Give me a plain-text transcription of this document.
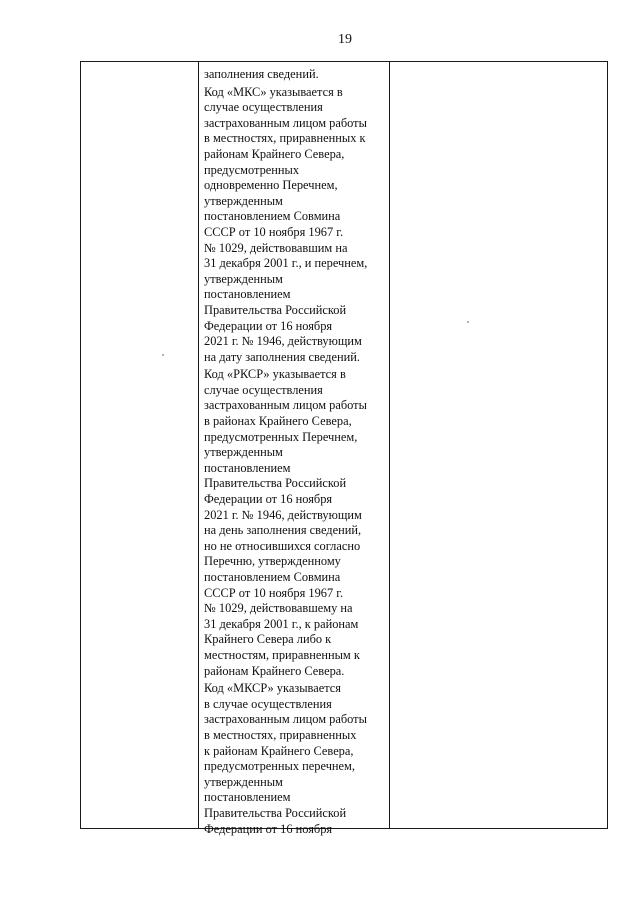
19
заполнения сведений.
Код «МКС» указывается в
случае осуществления
застрахованным лицом работы
в местностях, приравненных к
районам Крайнего Севера,
предусмотренных
одновременно Перечнем,
утвержденным
постановлением Совмина
СССР от 10 ноября 1967 г.
№ 1029, действовавшим на
31 декабря 2001 г., и перечнем,
утвержденным
постановлением
Правительства Российской
Федерации от 16 ноября
2021 г. № 1946, действующим
на дату заполнения сведений.
Код «РКСР» указывается в
случае осуществления
застрахованным лицом работы
в районах Крайнего Севера,
предусмотренных Перечнем,
утвержденным
постановлением
Правительства Российской
Федерации от 16 ноября
2021 г. № 1946, действующим
на день заполнения сведений,
но не относившихся согласно
Перечню, утвержденному
постановлением Совмина
СССР от 10 ноября 1967 г.
№ 1029, действовавшему на
31 декабря 2001 г., к районам
Крайнего Севера либо к
местностям, приравненным к
районам Крайнего Севера.
Код «МКСР» указывается
в случае осуществления
застрахованным лицом работы
в местностях, приравненных
к районам Крайнего Севера,
предусмотренных перечнем,
утвержденным
постановлением
Правительства Российской
Федерации от 16 ноября
